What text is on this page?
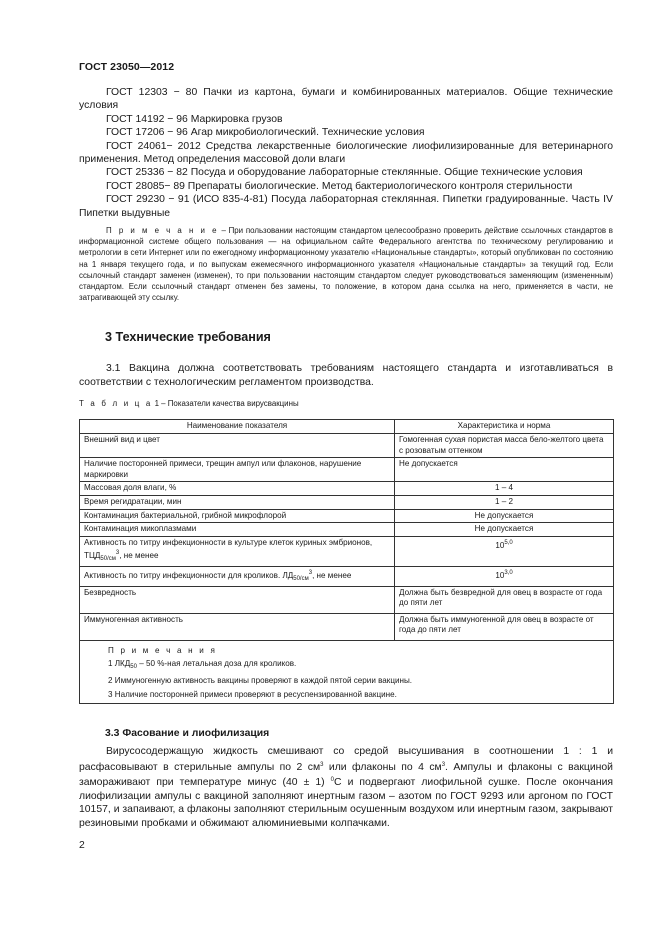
ГОСТ 23050—2012

ГОСТ 12303 − 80 Пачки из картона, бумаги и комбинированных материалов. Общие технические условия

ГОСТ 14192 − 96 Маркировка грузов

ГОСТ 17206 − 96 Агар микробиологический. Технические условия

ГОСТ 24061− 2012 Средства лекарственные биологические лиофилизированные для ветеринарного применения. Метод определения массовой доли влаги

ГОСТ 25336 − 82 Посуда и оборудование лабораторные стеклянные. Общие технические условия

ГОСТ 28085− 89 Препараты биологические. Метод бактериологического контроля стерильности

ГОСТ 29230 − 91 (ИСО 835-4-81) Посуда лабораторная стеклянная. Пипетки градуированные. Часть IV Пипетки выдувные

П р и м е ч а н и е – При пользовании настоящим стандартом целесообразно проверить действие ссылочных стандартов в информационной системе общего пользования — на официальном сайте Федерального агентства по техническому регулированию и метрологии в сети Интернет или по ежегодному информационному указателю «Национальные стандарты», который опубликован по состоянию на 1 января текущего года, и по выпускам ежемесячного информационного указателя «Национальные стандарты» за текущий год. Если ссылочный стандарт заменен (изменен), то при пользовании настоящим стандартом следует руководствоваться заменяющим (измененным) стандартом. Если ссылочный стандарт отменен без замены, то положение, в котором дана ссылка на него, применяется в части, не затрагивающей эту ссылку.

3 Технические требования

3.1 Вакцина должна соответствовать требованиям настоящего стандарта и изготавливаться в соответствии с технологическим регламентом производства.

Т а б л и ц а 1 – Показатели качества вирусвакцины
Наименование показателя	Характеристика и норма
Внешний вид и цвет	Гомогенная сухая пористая масса бело-желтого цвета с розоватым оттенком
Наличие посторонней примеси, трещин ампул или флаконов, нарушение маркировки	Не допускается
Массовая доля влаги, %	1 – 4
Время регидратации, мин	1 – 2
Контаминация бактериальной, грибной микрофлорой	Не допускается
Контаминация микоплазмами	Не допускается
Активность по титру инфекционности в культуре клеток куриных эмбрионов, $ТЦД_{50/см}^3$, не менее	10$^{5,0}$
Активность по титру инфекционности для кроликов. $ЛД_{50/см}^3$, не менее	10$^{3,0}$
Безвредность	Должна быть безвредной для овец в возрасте от года до пяти лет
Иммуногенная активность	Должна быть иммуногенной для овец в возрасте от года до пяти лет

П р и м е ч а н и я
1 $ЛКД_{50} - 50$ %-ная летальная доза для кроликов.
2 Иммуногенную активность вакцины проверяют в каждой пятой серии вакцины.
3 Наличие посторонней примеси проверяют в ресуспензированной вакцине.	
3.3 Фасование и лиофилизация

Вирусосодержащую жидкость смешивают со средой высушивания в соотношении 1 : 1 и расфасовывают в стерильные ампулы по 2 $см^3$ или флаконы по 4 $см^3$. Ампулы и флаконы с вакциной замораживают при температуре минус (40 ± 1) $^0$С и подвергают лиофильной сушке. После окончания лиофилизации ампулы с вакциной заполняют инертным газом – азотом по ГОСТ 9293 или аргоном по ГОСТ 10157, и запаивают, а флаконы заполняют стерильным осушенным воздухом или инертным газом, закрывают резиновыми пробками и обжимают алюминиевыми колпачками.

2
